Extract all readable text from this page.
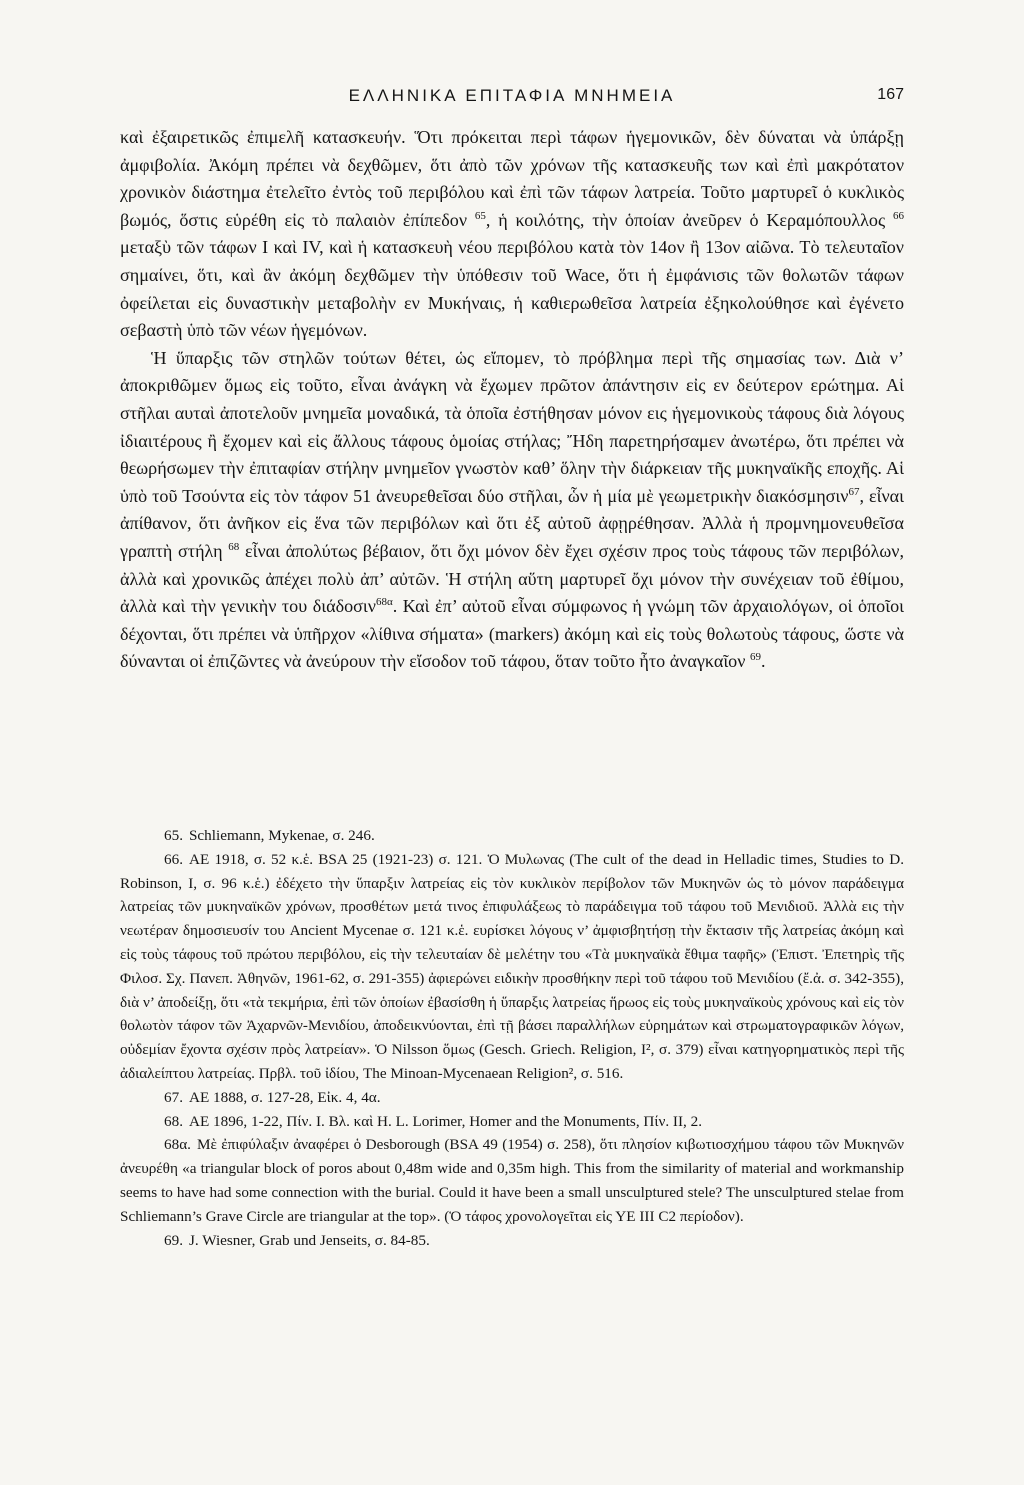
ΕΛΛΗΝΙΚΑ ΕΠΙΤΑΦΙΑ ΜΝΗΜΕΙΑ	167

καὶ ἐξαιρετικῶς ἐπιμελῆ κατασκευήν. Ὅτι πρόκειται περὶ τάφων ἡγεμονικῶν, δὲν δύναται νὰ ὑπάρξῃ ἀμφιβολία. Ἀκόμη πρέπει νὰ δεχθῶμεν, ὅτι ἀπὸ τῶν χρόνων τῆς κατασκευῆς των καὶ ἐπὶ μακρότατον χρονικὸν διάστημα ἐτελεῖτο ἐντὸς τοῦ περιβόλου καὶ ἐπὶ τῶν τάφων λατρεία. Τοῦτο μαρτυρεῖ ὁ κυκλικὸς βωμός, ὅστις εὑρέθη εἰς τὸ παλαιὸν ἐπίπεδον $^{65}$, ἡ κοιλότης, τὴν ὁποίαν ἀνεῦρεν ὁ Κεραμόπουλλος $^{66}$ μεταξὺ τῶν τάφων I καὶ IV, καὶ ἡ κατασκευὴ νέου περιβόλου κατὰ τὸν 14ον ἢ 13ον αἰῶνα. Τὸ τελευταῖον σημαίνει, ὅτι, καὶ ἂν ἀκόμη δεχθῶμεν τὴν ὑπόθεσιν τοῦ Wace, ὅτι ἡ ἐμφάνισις τῶν θολωτῶν τάφων ὀφείλεται εἰς δυναστικὴν μεταβολὴν εν Μυκήναις, ἡ καθιερωθεῖσα λατρεία ἐξηκολούθησε καὶ ἐγένετο σεβαστὴ ὑπὸ τῶν νέων ἡγεμόνων.

Ἡ ὕπαρξις τῶν στηλῶν τούτων θέτει, ὡς εἴπομεν, τὸ πρόβλημα περὶ τῆς σημασίας των. Διὰ ν’ ἀποκριθῶμεν ὅμως εἰς τοῦτο, εἶναι ἀνάγκη νὰ ἔχωμεν πρῶτον ἀπάντησιν εἰς εν δεύτερον ερώτημα. Αἱ στῆλαι αυταὶ ἀποτελοῦν μνημεῖα μοναδικά, τὰ ὁποῖα ἐστήθησαν μόνον εις ἡγεμονικοὺς τάφους διὰ λόγους ἰδιαιτέρους ἢ ἔχομεν καὶ εἰς ἄλλους τάφους ὁμοίας στήλας; Ἤδη παρετηρήσαμεν ἀνωτέρω, ὅτι πρέπει νὰ θεωρήσωμεν τὴν ἐπιταφίαν στήλην μνημεῖον γνωστὸν καθ’ ὅλην τὴν διάρκειαν τῆς μυκηναϊκῆς εποχῆς. Αἱ ὑπὸ τοῦ Τσούντα εἰς τὸν τάφον 51 ἀνευρεθεῖσαι δύο στῆλαι, ὧν ἡ μία μὲ γεωμετρικὴν διακόσμησιν$^{67}$, εἶναι ἀπίθανον, ὅτι ἀνῆκον εἰς ἕνα τῶν περιβόλων καὶ ὅτι ἐξ αὐτοῦ ἀφῃρέθησαν. Ἀλλὰ ἡ προμνημονευθεῖσα γραπτὴ στήλη $^{68}$ εἶναι ἀπολύτως βέβαιον, ὅτι ὄχι μόνον δὲν ἔχει σχέσιν προς τοὺς τάφους τῶν περιβόλων, ἀλλὰ καὶ χρονικῶς ἀπέχει πολὺ ἀπ’ αὐτῶν. Ἡ στήλη αὕτη μαρτυρεῖ ὄχι μόνον τὴν συνέχειαν τοῦ ἐθίμου, ἀλλὰ καὶ τὴν γενικὴν του διάδοσιν$^{68\alpha}$. Καὶ ἐπ’ αὐτοῦ εἶναι σύμφωνος ἡ γνώμη τῶν ἀρχαιολόγων, οἱ ὁποῖοι δέχονται, ὅτι πρέπει νὰ ὑπῆρχον «λίθινα σήματα» (markers) ἀκόμη καὶ εἰς τοὺς θολωτοὺς τάφους, ὥστε νὰ δύνανται οἱ ἐπιζῶντες νὰ ἀνεύρουν τὴν εἴσοδον τοῦ τάφου, ὅταν τοῦτο ἦτο ἀναγκαῖον $^{69}$.

65. Schliemann, Mykenae, σ. 246.

66. ΑΕ 1918, σ. 52 κ.ἑ. BSA 25 (1921-23) σ. 121. Ὁ Μυλωνας (The cult of the dead in Helladic times, Studies to D. Robinson, I, σ. 96 κ.ἑ.) ἐδέχετο τὴν ὕπαρξιν λατρείας εἰς τὸν κυκλικὸν περίβολον τῶν Μυκηνῶν ὡς τὸ μόνον παράδειγμα λατρείας τῶν μυκηναϊκῶν χρόνων, προσθέτων μετά τινος ἐπιφυλάξεως τὸ παράδειγμα τοῦ τάφου τοῦ Μενιδιοῦ. Ἀλλὰ εις τὴν νεωτέραν δημοσιευσίν του Ancient Mycenae σ. 121 κ.ἑ. ευρίσκει λόγους ν’ ἀμφισβητήσῃ τὴν ἔκτασιν τῆς λατρείας ἀκόμη καὶ εἰς τοὺς τάφους τοῦ πρώτου περιβόλου, εἰς τὴν τελευταίαν δὲ μελέτην του «Τὰ μυκηναϊκὰ ἔθιμα ταφῆς» (Ἐπιστ. Ἐπετηρὶς τῆς Φιλοσ. Σχ. Πανεπ. Ἀθηνῶν, 1961-62, σ. 291-355) ἀφιερώνει ειδικὴν προσθήκην περὶ τοῦ τάφου τοῦ Μενιδίου (ἔ.ἀ. σ. 342-355), διὰ ν’ ἀποδείξῃ, ὅτι «τὰ τεκμήρια, ἐπὶ τῶν ὁποίων ἐβασίσθη ἡ ὕπαρξις λατρείας ἥρωος εἰς τοὺς μυκηναϊκοὺς χρόνους καὶ εἰς τὸν θολωτὸν τάφον τῶν Ἀχαρνῶν-Μενιδίου, ἀποδεικνύονται, ἐπὶ τῇ βάσει παραλλήλων εὑρημάτων καὶ στρωματογραφικῶν λόγων, οὐδεμίαν ἔχοντα σχέσιν πρὸς λατρείαν». Ὁ Nilsson ὅμως (Gesch. Griech. Religion, I², σ. 379) εἶναι κατηγορηματικὸς περὶ τῆς ἀδιαλείπτου λατρείας. Πρβλ. τοῦ ἰδίου, The Minoan-Mycenaean Religion², σ. 516.

67. ΑΕ 1888, σ. 127-28, Εἰκ. 4, 4α.

68. ΑΕ 1896, 1-22, Πίν. I. Βλ. καὶ H. L. Lorimer, Homer and the Monuments, Πίν. II, 2.

68α. Μὲ ἐπιφύλαξιν ἀναφέρει ὁ Desborough (BSA 49 (1954) σ. 258), ὅτι πλησίον κιβωτιοσχήμου τάφου τῶν Μυκηνῶν ἀνευρέθη «a triangular block of poros about 0,48m wide and 0,35m high. This from the similarity of material and workmanship seems to have had some connection with the burial. Could it have been a small unsculptured stele? The unsculptured stelae from Schliemann’s Grave Circle are triangular at the top». (Ὁ τάφος χρονολογεῖται εἰς ΥΕ III C2 περίοδον).

69. J. Wiesner, Grab und Jenseits, σ. 84-85.
